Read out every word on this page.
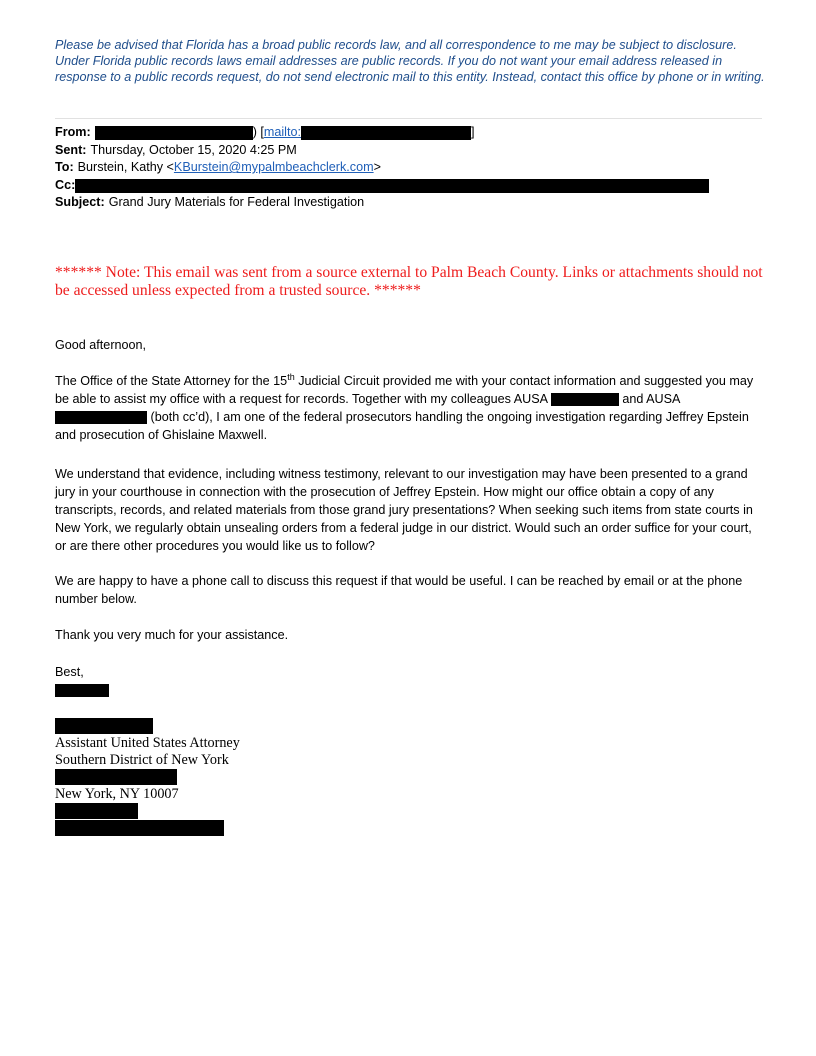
Please be advised that Florida has a broad public records law, and all correspondence to me may be subject to disclosure. Under Florida public records laws email addresses are public records. If you do not want your email address released in response to a public records request, do not send electronic mail to this entity. Instead, contact this office by phone or in writing.
From:	) [ mailto:	]
Sent: Thursday, October 15, 2020 4:25 PM
To: Burstein, Kathy < KBurstein@mypalmbeachclerk.com >
Cc:
Subject: Grand Jury Materials for Federal Investigation
****** Note: This email was sent from a source external to Palm Beach County. Links or attachments should not be accessed unless expected from a trusted source. ******

Good afternoon,

The Office of the State Attorney for the 15th Judicial Circuit provided me with your contact information and suggested you may be able to assist my office with a request for records. Together with my colleagues AUSA	and AUSA  (both cc’d), I am one of the federal prosecutors handling the ongoing investigation regarding Jeffrey Epstein and prosecution of Ghislaine Maxwell.

We understand that evidence, including witness testimony, relevant to our investigation may have been presented to a grand jury in your courthouse in connection with the prosecution of Jeffrey Epstein. How might our office obtain a copy of any transcripts, records, and related materials from those grand jury presentations? When seeking such items from state courts in New York, we regularly obtain unsealing orders from a federal judge in our district. Would such an order suffice for your court, or are there other procedures you would like us to follow?

We are happy to have a phone call to discuss this request if that would be useful. I can be reached by email or at the phone number below.

Thank you very much for your assistance.

Best,

Assistant United States Attorney
Southern District of New York
New York, NY 10007
